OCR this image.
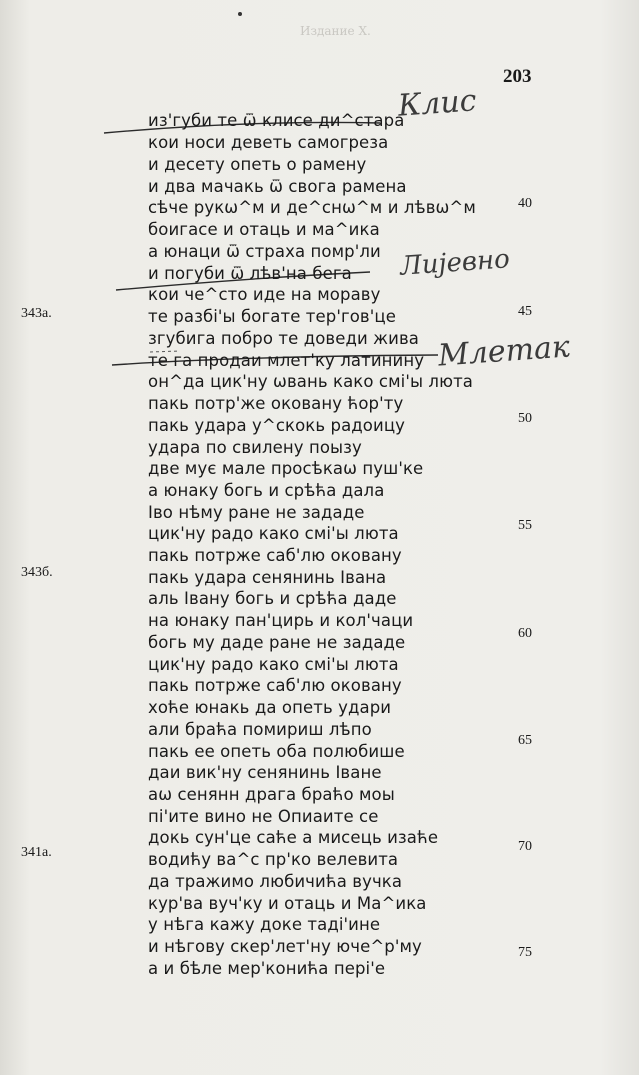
Издание Х.
203
Клис
Лијевно
Млетак
343а.
343б.
341а.
40
45
50
55
60
65
70
75
из'губи те ѿ клисе ди^стара
кои носи деветь самогреза
и десету опеть о рамену
и два мачакь ѿ свога рамена
сѣче рукѡ^м и де^снѡ^м и лѣвѡ^м
боигасе и отаць и ма^ика
а юнаци ѿ страха помр'ли
и погуби ѿ лѣв'на бега
кои че^сто иде на мораву
те разбі'ы богате тер'гов'це
згубига побро те доведи жива
те га продаи млет'ку латинину
он^да цик'ну ѡвань како смі'ы люта
пакь потр'же оковану ћор'ту
пакь удара у^скокь радоицу
удара по свилену поызу
две мує мале просѣкаѡ пуш'ке
а юнаку богь и срѣћа дала
Іво нѣму ране не зададе
цик'ну радо како смі'ы люта
пакь потрже саб'лю оковану
пакь удара сенянинь Івана
аль Івану богь и срѣћа даде
на юнаку пан'цирь и кол'чаци
богь му даде ране не зададе
цик'ну радо како смі'ы люта
пакь потрже саб'лю оковану
хоће юнакь да опеть удари
али браћа помириш лѣпо
пакь ее опеть оба полюбише
даи вик'ну сенянинь Іване
аѡ сенянн драга браћо моы
пі'ите вино не Опиаите се
докь сун'це саће а мисець изаће
водићу ва^с пр'ко велевита
да тражимо любичића вучка
кур'ва вуч'ку и отаць и Ма^ика
у нѣга кажу доке таді'ине
и нѣгову скер'лет'ну юче^р'му
а и бѣле мер'конића пері'е
